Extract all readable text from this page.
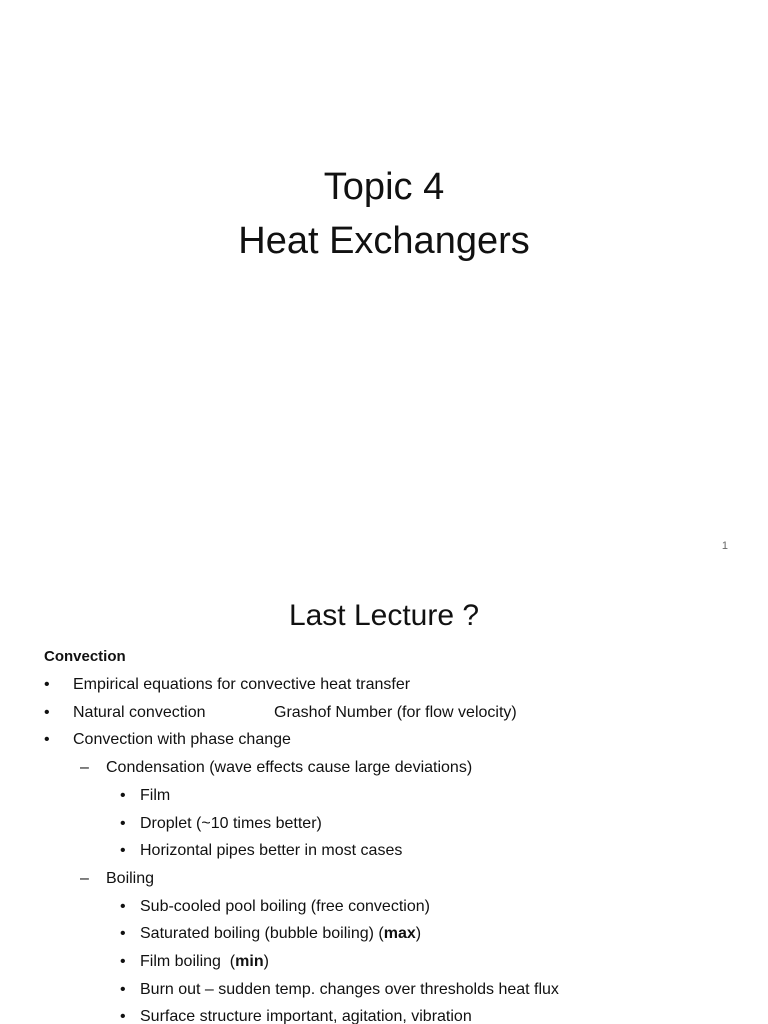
Topic 4
Heat Exchangers
1
Last Lecture ?
Convection
• Empirical equations for convective heat transfer
• Natural convection	Grashof Number (for flow velocity)
• Convection with phase change
– Condensation (wave effects cause large deviations)
• Film
• Droplet (~10 times better)
• Horizontal pipes better in most cases
– Boiling
• Sub-cooled pool boiling (free convection)
• Saturated boiling (bubble boiling) (max)
• Film boiling  (min)
• Burn out – sudden temp. changes over thresholds heat flux
• Surface structure important, agitation, vibration
